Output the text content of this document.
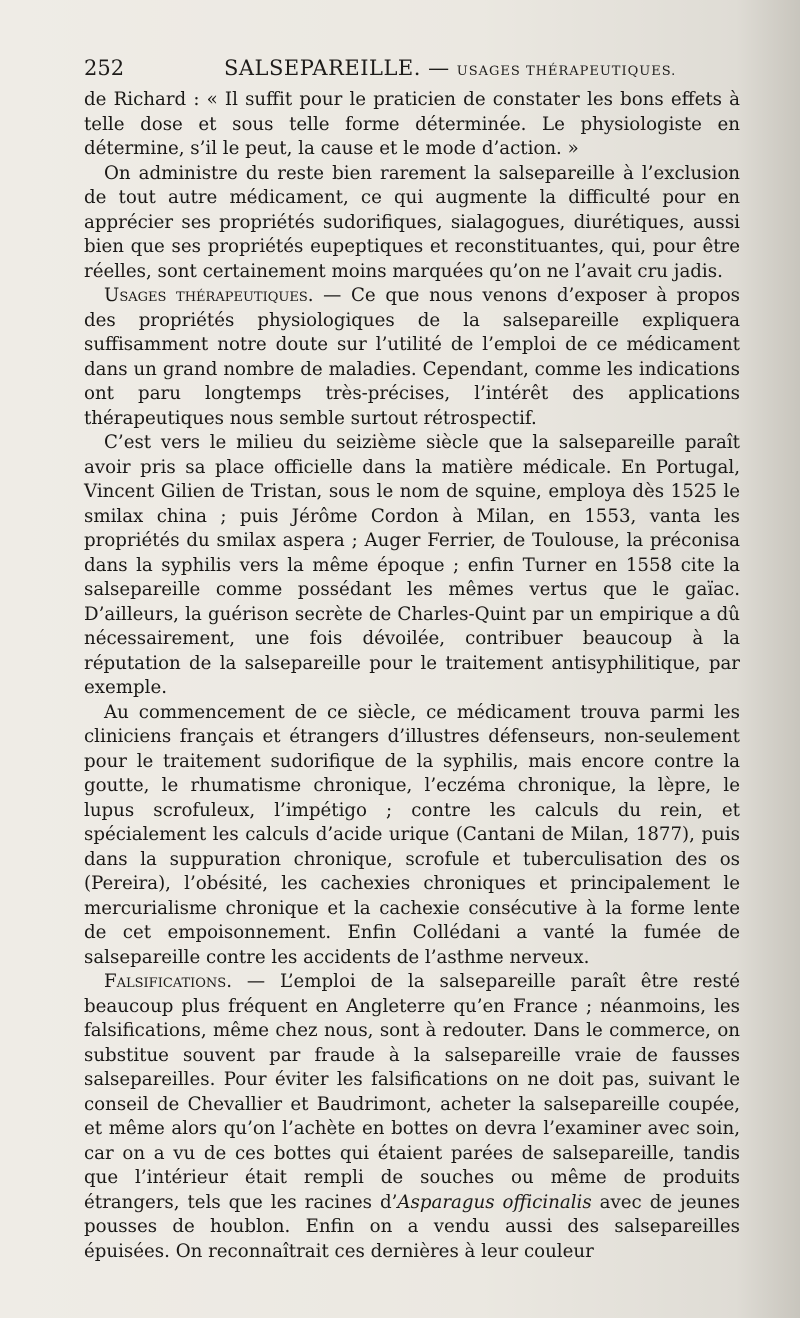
252	SALSEPAREILLE. — USAGES THÉRAPEUTIQUES.

de Richard : « Il suffit pour le praticien de constater les bons effets à telle dose et sous telle forme déterminée. Le physiologiste en détermine, s’il le peut, la cause et le mode d’action. »

On administre du reste bien rarement la salsepareille à l’exclusion de tout autre médicament, ce qui augmente la difficulté pour en apprécier ses propriétés sudorifiques, sialagogues, diurétiques, aussi bien que ses propriétés eupeptiques et reconstituantes, qui, pour être réelles, sont certainement moins marquées qu’on ne l’avait cru jadis.

Usages thérapeutiques. — Ce que nous venons d’exposer à propos des propriétés physiologiques de la salsepareille expliquera suffisamment notre doute sur l’utilité de l’emploi de ce médicament dans un grand nombre de maladies. Cependant, comme les indications ont paru longtemps très-précises, l’intérêt des applications thérapeutiques nous semble surtout rétrospectif.

C’est vers le milieu du seizième siècle que la salsepareille paraît avoir pris sa place officielle dans la matière médicale. En Portugal, Vincent Gilien de Tristan, sous le nom de squine, employa dès 1525 le smilax china ; puis Jérôme Cordon à Milan, en 1553, vanta les propriétés du smilax aspera ; Auger Ferrier, de Toulouse, la préconisa dans la syphilis vers la même époque ; enfin Turner en 1558 cite la salsepareille comme possédant les mêmes vertus que le gaïac. D’ailleurs, la guérison secrète de Charles-Quint par un empirique a dû nécessairement, une fois dévoilée, contribuer beaucoup à la réputation de la salsepareille pour le traitement antisyphilitique, par exemple.

Au commencement de ce siècle, ce médicament trouva parmi les cliniciens français et étrangers d’illustres défenseurs, non-seulement pour le traitement sudorifique de la syphilis, mais encore contre la goutte, le rhumatisme chronique, l’eczéma chronique, la lèpre, le lupus scrofuleux, l’impétigo ; contre les calculs du rein, et spécialement les calculs d’acide urique (Cantani de Milan, 1877), puis dans la suppuration chronique, scrofule et tuberculisation des os (Pereira), l’obésité, les cachexies chroniques et principalement le mercurialisme chronique et la cachexie consécutive à la forme lente de cet empoisonnement. Enfin Collédani a vanté la fumée de salsepareille contre les accidents de l’asthme nerveux.

Falsifications. — L’emploi de la salsepareille paraît être resté beaucoup plus fréquent en Angleterre qu’en France ; néanmoins, les falsifications, même chez nous, sont à redouter. Dans le commerce, on substitue souvent par fraude à la salsepareille vraie de fausses salsepareilles. Pour éviter les falsifications on ne doit pas, suivant le conseil de Chevallier et Baudrimont, acheter la salsepareille coupée, et même alors qu’on l’achète en bottes on devra l’examiner avec soin, car on a vu de ces bottes qui étaient parées de salsepareille, tandis que l’intérieur était rempli de souches ou même de produits étrangers, tels que les racines d’Asparagus officinalis avec de jeunes pousses de houblon. Enfin on a vendu aussi des salsepareilles épuisées. On reconnaîtrait ces dernières à leur couleur
